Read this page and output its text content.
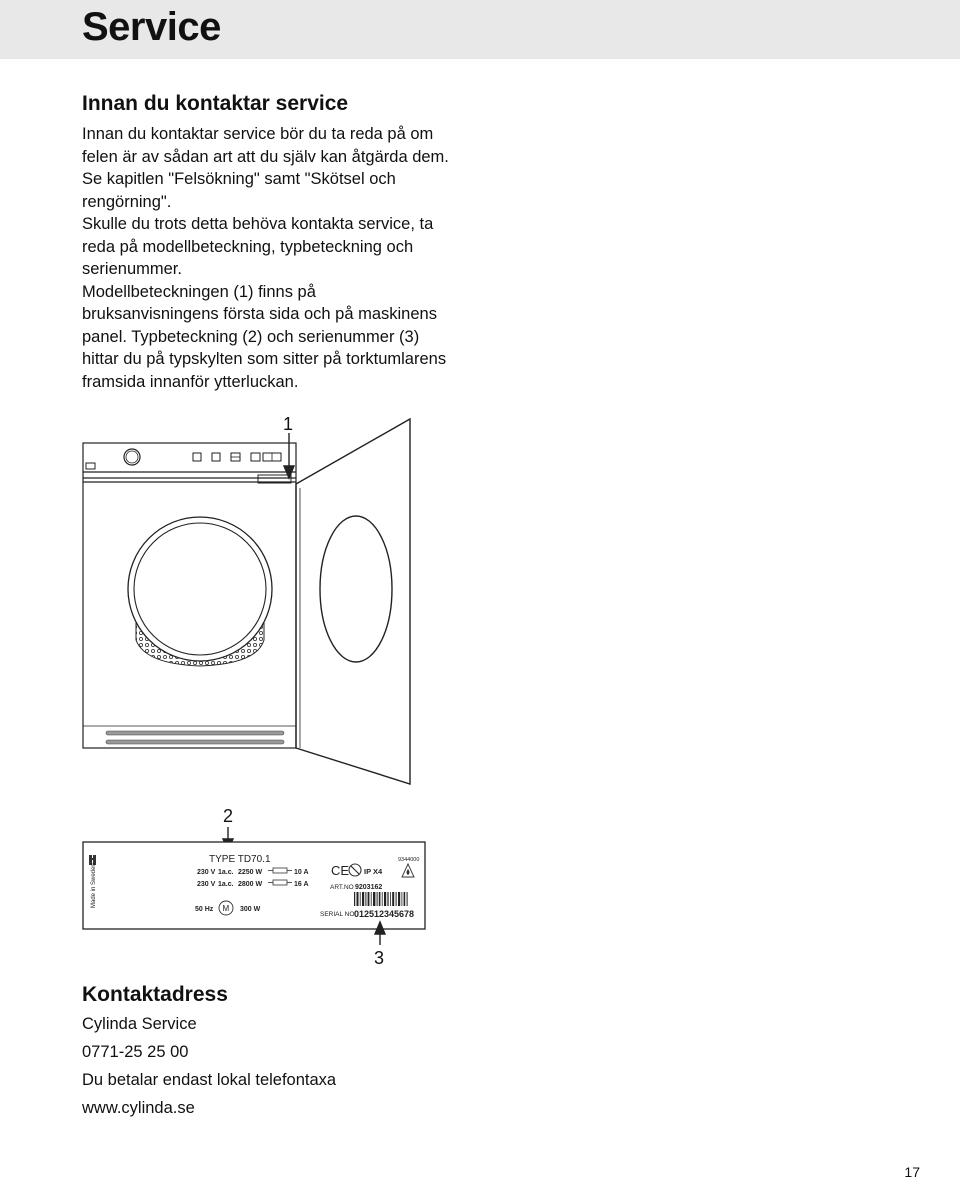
Service
Innan du kontaktar service

Innan du kontaktar service bör du ta reda på om

felen är av sådan art att du själv kan åtgärda dem.

Se kapitlen "Felsökning" samt "Skötsel och

rengörning".

Skulle du trots detta behöva kontakta service, ta

reda på modellbeteckning, typbeteckning och

serienummer.

Modellbeteckningen (1) finns på

bruksanvisningens första sida och på maskinens

panel. Typbeteckning (2) och serienummer (3)

hittar du på typskylten som sitter på torktumlarens

framsida innanför ytterluckan.

1
2
Made in Sweden
9344000
TYPE TD70.1
230 V 1a.c. 2250 W
230 V 1a.c. 2800 W
10 A
16 A
50 Hz M 300 W
CE IP X4
ART.NO 9203162
SERIAL NO 012512345678
3
Kontaktadress

Cylinda Service

0771-25 25 00

Du betalar endast lokal telefontaxa

www.cylinda.se

17
